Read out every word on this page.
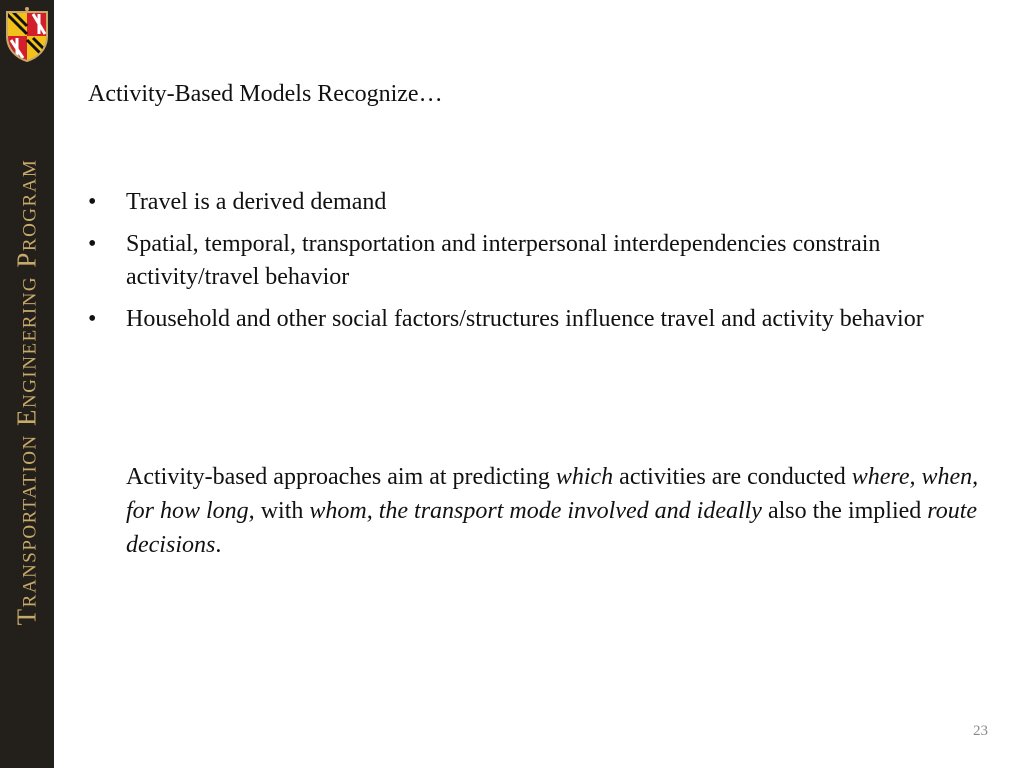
Transportation Engineering Program
Activity-Based Models Recognize…
• Travel is a derived demand
• Spatial, temporal, transportation and interpersonal interdependencies constrain activity/travel behavior
• Household and other social factors/structures influence travel and activity behavior

Activity-based approaches aim at predicting which activities are conducted where, when, for how long, with whom, the transport mode involved and ideally also the implied route decisions.

23
